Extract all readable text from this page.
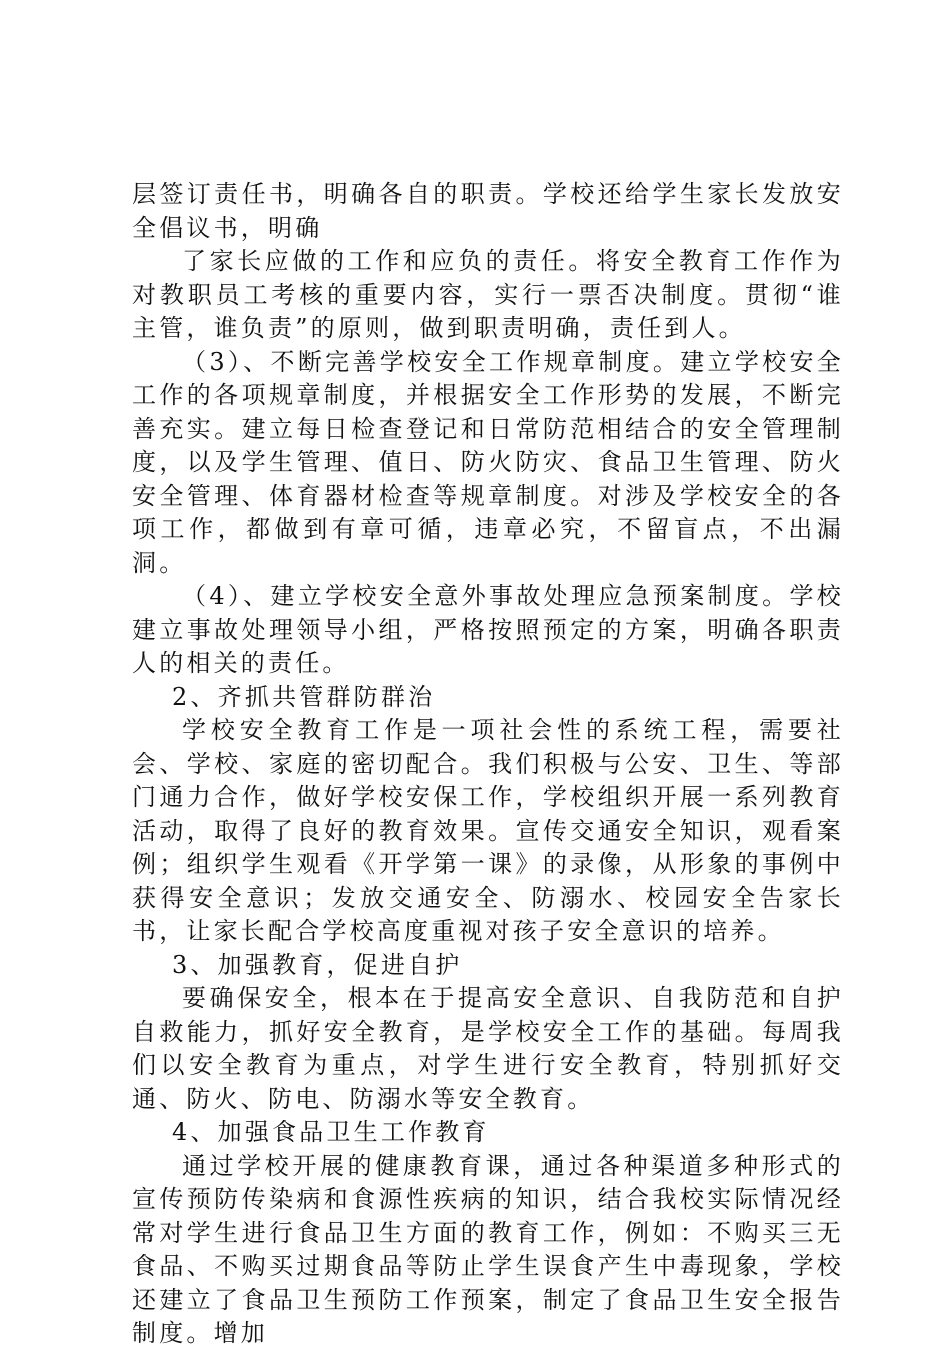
层签订责任书，明确各自的职责。学校还给学生家长发放安全倡议书，明确

了家长应做的工作和应负的责任。将安全教育工作作为对教职员工考核的重要内容，实行一票否决制度。贯彻“谁主管，谁负责”的原则，做到职责明确，责任到人。

（3）、不断完善学校安全工作规章制度。建立学校安全工作的各项规章制度，并根据安全工作形势的发展，不断完善充实。建立每日检查登记和日常防范相结合的安全管理制度，以及学生管理、值日、防火防灾、食品卫生管理、防火安全管理、体育器材检查等规章制度。对涉及学校安全的各项工作，都做到有章可循，违章必究，不留盲点，不出漏洞。

（4）、建立学校安全意外事故处理应急预案制度。学校建立事故处理领导小组，严格按照预定的方案，明确各职责人的相关的责任。

2、齐抓共管群防群治

学校安全教育工作是一项社会性的系统工程，需要社会、学校、家庭的密切配合。我们积极与公安、卫生、等部门通力合作，做好学校安保工作，学校组织开展一系列教育活动，取得了良好的教育效果。宣传交通安全知识，观看案例；组织学生观看《开学第一课》的录像，从形象的事例中获得安全意识；发放交通安全、防溺水、校园安全告家长书，让家长配合学校高度重视对孩子安全意识的培养。

3、加强教育，促进自护

要确保安全，根本在于提高安全意识、自我防范和自护自救能力，抓好安全教育，是学校安全工作的基础。每周我们以安全教育为重点，对学生进行安全教育，特别抓好交通、防火、防电、防溺水等安全教育。

4、加强食品卫生工作教育

通过学校开展的健康教育课，通过各种渠道多种形式的宣传预防传染病和食源性疾病的知识，结合我校实际情况经常对学生进行食品卫生方面的教育工作，例如：不购买三无食品、不购买过期食品等防止学生误食产生中毒现象，学校还建立了食品卫生预防工作预案，制定了食品卫生安全报告制度。增加
